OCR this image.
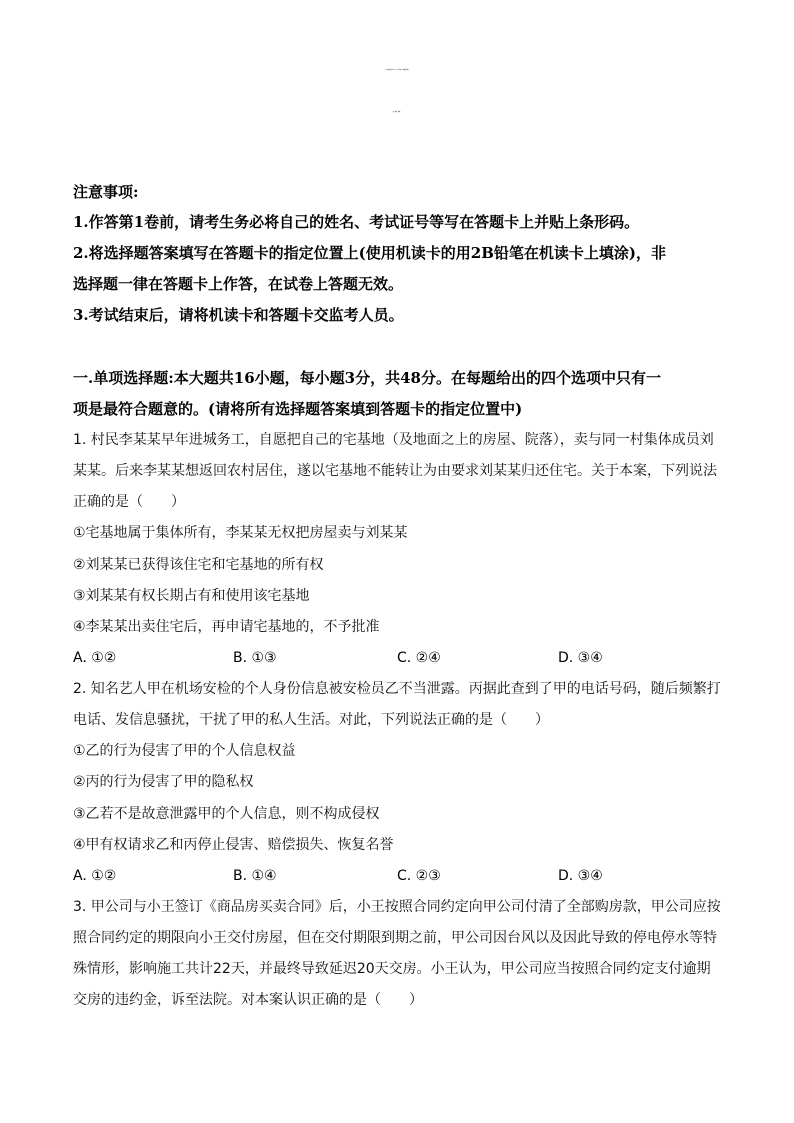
江苏省扬州中学2024-2025学年第二学期期中试题
高二政治（选修）
注意事项:
1.作答第1卷前，请考生务必将自己的姓名、考试证号等写在答题卡上并贴上条形码。
2.将选择题答案填写在答题卡的指定位置上(使用机读卡的用2B铅笔在机读卡上填涂)，非
选择题一律在答题卡上作答，在试卷上答题无效。
3.考试结束后，请将机读卡和答题卡交监考人员。
一.单项选择题:本大题共16小题，每小题3分，共48分。在每题给出的四个选项中只有一
项是最符合题意的。(请将所有选择题答案填到答题卡的指定位置中)
1. 村民李某某早年进城务工，自愿把自己的宅基地（及地面之上的房屋、院落），卖与同一村集体成员刘
某某。后来李某某想返回农村居住，遂以宅基地不能转让为由要求刘某某归还住宅。关于本案，下列说法
正确的是（　　）
①宅基地属于集体所有，李某某无权把房屋卖与刘某某
②刘某某已获得该住宅和宅基地的所有权
③刘某某有权长期占有和使用该宅基地
④李某某出卖住宅后，再申请宅基地的，不予批准
A. ①②	B. ①③	C. ②④	D. ③④
2. 知名艺人甲在机场安检的个人身份信息被安检员乙不当泄露。丙据此查到了甲的电话号码，随后频繁打
电话、发信息骚扰，干扰了甲的私人生活。对此，下列说法正确的是（　　）
①乙的行为侵害了甲的个人信息权益
②丙的行为侵害了甲的隐私权
③乙若不是故意泄露甲的个人信息，则不构成侵权
④甲有权请求乙和丙停止侵害、赔偿损失、恢复名誉
A. ①②	B. ①④	C. ②③	D. ③④
3. 甲公司与小王签订《商品房买卖合同》后，小王按照合同约定向甲公司付清了全部购房款，甲公司应按
照合同约定的期限向小王交付房屋，但在交付期限到期之前，甲公司因台风以及因此导致的停电停水等特
殊情形，影响施工共计22天，并最终导致延迟20天交房。小王认为，甲公司应当按照合同约定支付逾期
交房的违约金，诉至法院。对本案认识正确的是（　　）
